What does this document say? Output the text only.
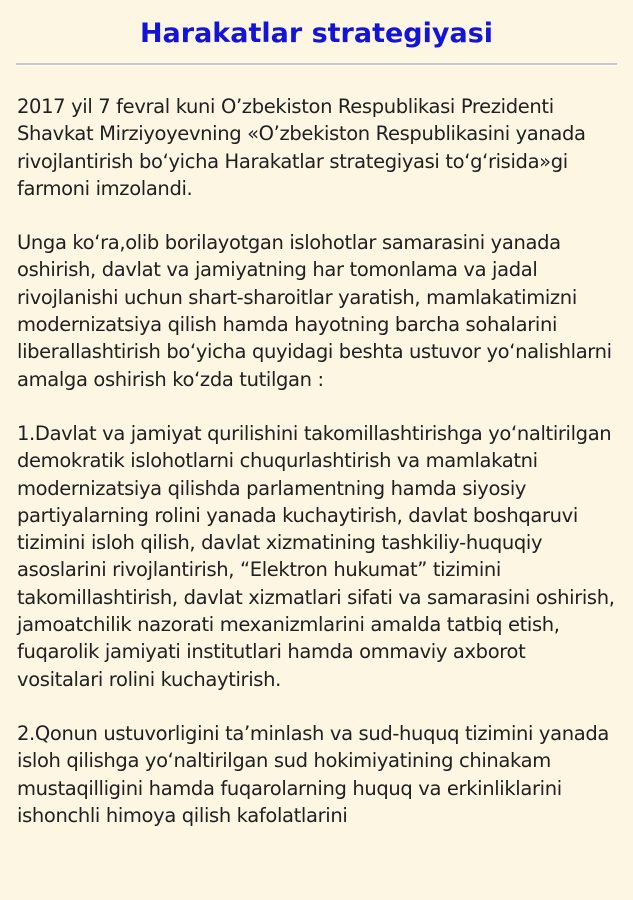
Harakatlar strategiyasi

2017 yil 7 fevral kuni O’zbekiston Respublikasi Prezidenti Shavkat Mirziyoyevning «O’zbekiston Respublikasini yanada rivojlantirish bo‘yicha Harakatlar strategiyasi to‘g‘risida»gi farmoni imzolandi.

Unga ko‘ra,olib borilayotgan islohotlar samarasini yanada oshirish, davlat va jamiyatning har tomonlama va jadal rivojlanishi uchun shart-sharoitlar yaratish, mamlakatimizni modernizatsiya qilish hamda hayotning barcha sohalarini liberallashtirish bo‘yicha quyidagi beshta ustuvor yo‘nalishlarni amalga oshirish ko‘zda tutilgan :

1.Davlat va jamiyat qurilishini takomillashtirishga yo‘naltirilgan demokratik islohotlarni chuqurlashtirish va mamlakatni modernizatsiya qilishda parlamentning hamda siyosiy partiyalarning rolini yanada kuchaytirish, davlat boshqaruvi tizimini isloh qilish, davlat xizmatining tashkiliy-huquqiy asoslarini rivojlantirish, “Elektron hukumat” tizimini takomillashtirish, davlat xizmatlari sifati va samarasini oshirish, jamoatchilik nazorati mexanizmlarini amalda tatbiq etish, fuqarolik jamiyati institutlari hamda ommaviy axborot vositalari rolini kuchaytirish.

2.Qonun ustuvorligini ta’minlash va sud-huquq tizimini yanada isloh qilishga yo‘naltirilgan sud hokimiyatining chinakam mustaqilligini hamda fuqarolarning huquq va erkinliklarini ishonchli himoya qilish kafolatlarini
